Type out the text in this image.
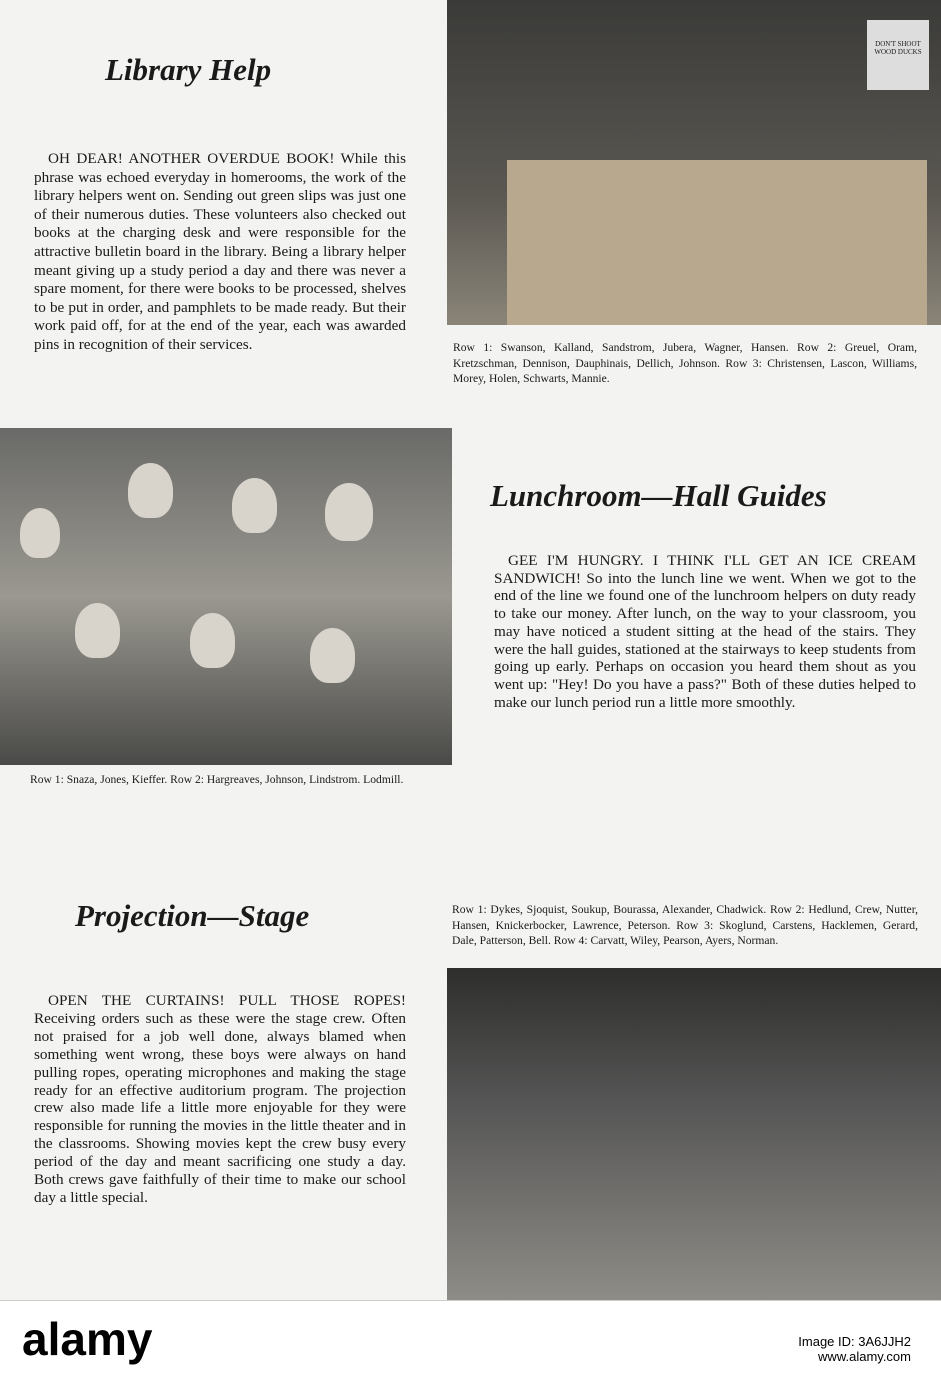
Library Help
OH DEAR! ANOTHER OVERDUE BOOK! While this phrase was echoed everyday in homerooms, the work of the library helpers went on. Sending out green slips was just one of their numerous duties. These volunteers also checked out books at the charging desk and were responsible for the attractive bulletin board in the library. Being a library helper meant giving up a study period a day and there was never a spare moment, for there were books to be processed, shelves to be put in order, and pamphlets to be made ready. But their work paid off, for at the end of the year, each was awarded pins in recognition of their services.
DON'T SHOOT WOOD DUCKS
Row 1: Swanson, Kalland, Sandstrom, Jubera, Wagner, Hansen. Row 2: Greuel, Oram, Kretzschman, Dennison, Dauphinais, Dellich, Johnson. Row 3: Christensen, Lascon, Williams, Morey, Holen, Schwarts, Mannie.
Row 1: Snaza, Jones, Kieffer. Row 2: Hargreaves, Johnson, Lindstrom. Lodmill.
Lunchroom—Hall Guides
GEE I'M HUNGRY. I THINK I'LL GET AN ICE CREAM SANDWICH! So into the lunch line we went. When we got to the end of the line we found one of the lunchroom helpers on duty ready to take our money. After lunch, on the way to your classroom, you may have noticed a student sitting at the head of the stairs. They were the hall guides, stationed at the stairways to keep students from going up early. Perhaps on occasion you heard them shout as you went up: "Hey! Do you have a pass?" Both of these duties helped to make our lunch period run a little more smoothly.
Projection—Stage	Row 1: Dykes, Sjoquist, Soukup, Bourassa, Alexander, Chadwick. Row 2: Hedlund, Crew, Nutter, Hansen, Knickerbocker, Lawrence, Peterson. Row 3: Skoglund, Carstens, Hacklemen, Gerard, Dale, Patterson, Bell. Row 4: Carvatt, Wiley, Pearson, Ayers, Norman.
OPEN THE CURTAINS! PULL THOSE ROPES! Receiving orders such as these were the stage crew. Often not praised for a job well done, always blamed when something went wrong, these boys were always on hand pulling ropes, operating microphones and making the stage ready for an effective auditorium program. The projection crew also made life a little more enjoyable for they were responsible for running the movies in the little theater and in the classrooms. Showing movies kept the crew busy every period of the day and meant sacrificing one study a day. Both crews gave faithfully of their time to make our school day a little special.
alamy	Image ID: 3A6JJH2
www.alamy.com
